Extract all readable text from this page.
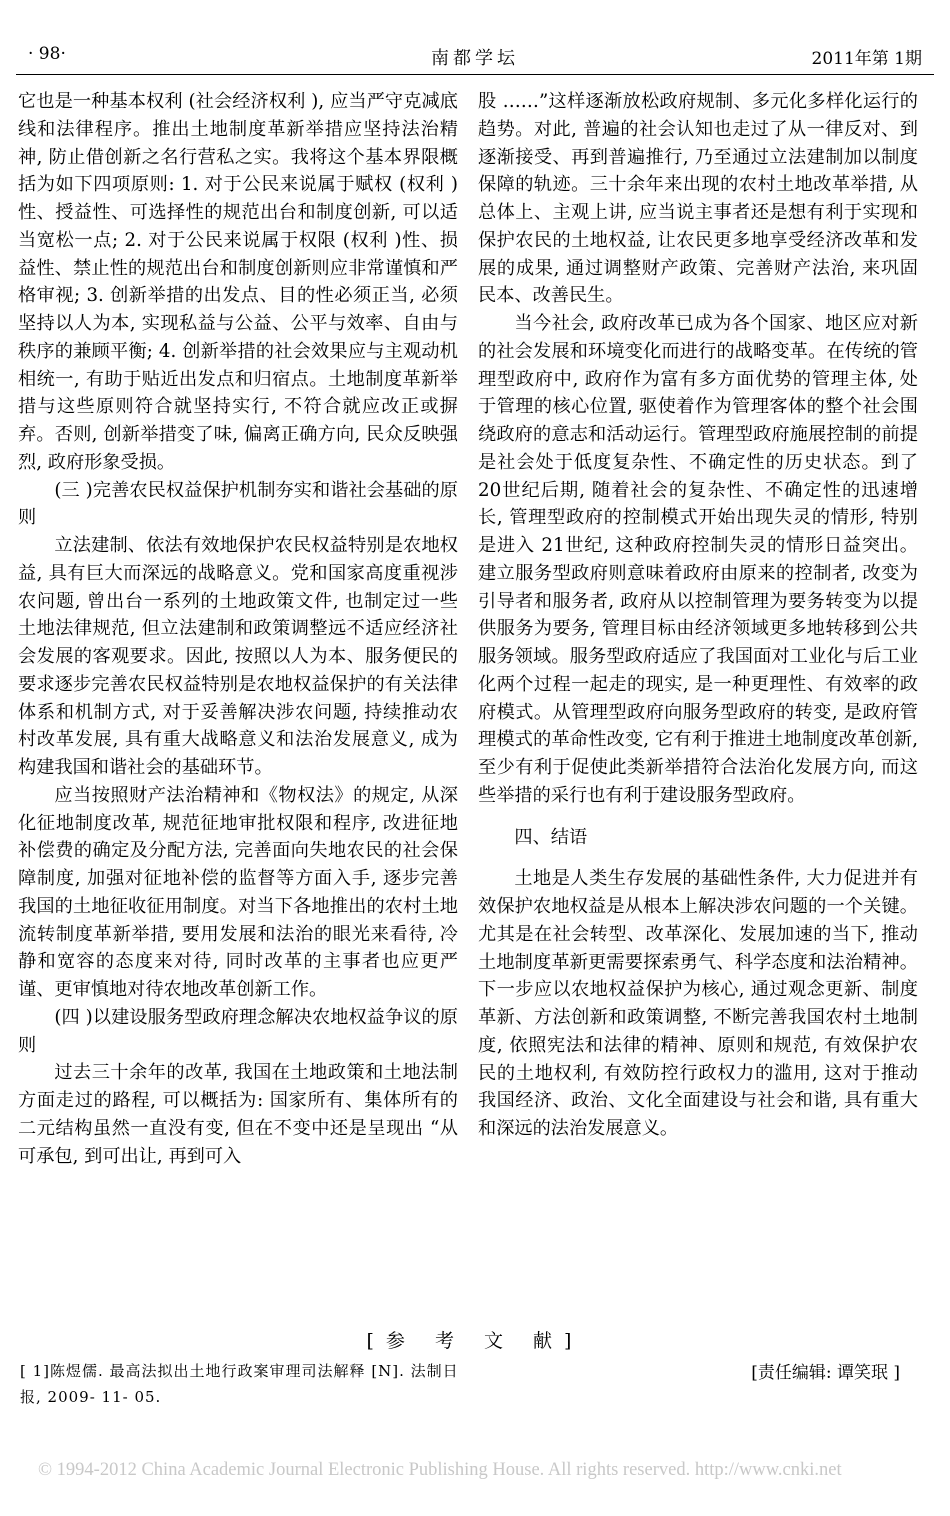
· 98·	南都学坛	2011年第 1期

它也是一种基本权利 (社会经济权利 ), 应当严守克减底线和法律程序。推出土地制度革新举措应坚持法治精神, 防止借创新之名行营私之实。我将这个基本界限概括为如下四项原则: 1. 对于公民来说属于赋权 (权利 ) 性、授益性、可选择性的规范出台和制度创新, 可以适当宽松一点; 2. 对于公民来说属于权限 (权利 )性、损益性、禁止性的规范出台和制度创新则应非常谨慎和严格审视; 3. 创新举措的出发点、目的性必须正当, 必须坚持以人为本, 实现私益与公益、公平与效率、自由与秩序的兼顾平衡; 4. 创新举措的社会效果应与主观动机相统一, 有助于贴近出发点和归宿点。土地制度革新举措与这些原则符合就坚持实行, 不符合就应改正或摒弃。否则, 创新举措变了味, 偏离正确方向, 民众反映强烈, 政府形象受损。

(三 )完善农民权益保护机制夯实和谐社会基础的原则

立法建制、依法有效地保护农民权益特别是农地权益, 具有巨大而深远的战略意义。党和国家高度重视涉农问题, 曾出台一系列的土地政策文件, 也制定过一些土地法律规范, 但立法建制和政策调整远不适应经济社会发展的客观要求。因此, 按照以人为本、服务便民的要求逐步完善农民权益特别是农地权益保护的有关法律体系和机制方式, 对于妥善解决涉农问题, 持续推动农村改革发展, 具有重大战略意义和法治发展意义, 成为构建我国和谐社会的基础环节。

应当按照财产法治精神和《物权法》的规定, 从深化征地制度改革, 规范征地审批权限和程序, 改进征地补偿费的确定及分配方法, 完善面向失地农民的社会保障制度, 加强对征地补偿的监督等方面入手, 逐步完善我国的土地征收征用制度。对当下各地推出的农村土地流转制度革新举措, 要用发展和法治的眼光来看待, 冷静和宽容的态度来对待, 同时改革的主事者也应更严谨、更审慎地对待农地改革创新工作。

(四 )以建设服务型政府理念解决农地权益争议的原则

过去三十余年的改革, 我国在土地政策和土地法制方面走过的路程, 可以概括为: 国家所有、集体所有的二元结构虽然一直没有变, 但在不变中还是呈现出 “从可承包, 到可出让, 再到可入

股 ……”这样逐渐放松政府规制、多元化多样化运行的趋势。对此, 普遍的社会认知也走过了从一律反对、到逐渐接受、再到普遍推行, 乃至通过立法建制加以制度保障的轨迹。三十余年来出现的农村土地改革举措, 从总体上、主观上讲, 应当说主事者还是想有利于实现和保护农民的土地权益, 让农民更多地享受经济改革和发展的成果, 通过调整财产政策、完善财产法治, 来巩固民本、改善民生。

当今社会, 政府改革已成为各个国家、地区应对新的社会发展和环境变化而进行的战略变革。在传统的管理型政府中, 政府作为富有多方面优势的管理主体, 处于管理的核心位置, 驱使着作为管理客体的整个社会围绕政府的意志和活动运行。管理型政府施展控制的前提是社会处于低度复杂性、不确定性的历史状态。到了 20世纪后期, 随着社会的复杂性、不确定性的迅速增长, 管理型政府的控制模式开始出现失灵的情形, 特别是进入 21世纪, 这种政府控制失灵的情形日益突出。建立服务型政府则意味着政府由原来的控制者, 改变为引导者和服务者, 政府从以控制管理为要务转变为以提供服务为要务, 管理目标由经济领域更多地转移到公共服务领域。服务型政府适应了我国面对工业化与后工业化两个过程一起走的现实, 是一种更理性、有效率的政府模式。从管理型政府向服务型政府的转变, 是政府管理模式的革命性改变, 它有利于推进土地制度改革创新, 至少有利于促使此类新举措符合法治化发展方向, 而这些举措的采行也有利于建设服务型政府。

四、结语

土地是人类生存发展的基础性条件, 大力促进并有效保护农地权益是从根本上解决涉农问题的一个关键。尤其是在社会转型、改革深化、发展加速的当下, 推动土地制度革新更需要探索勇气、科学态度和法治精神。下一步应以农地权益保护为核心, 通过观念更新、制度革新、方法创新和政策调整, 不断完善我国农村土地制度, 依照宪法和法律的精神、原则和规范, 有效保护农民的土地权利, 有效防控行政权力的滥用, 这对于推动我国经济、政治、文化全面建设与社会和谐, 具有重大和深远的法治发展意义。

[参 考 文 献]
[ 1]陈煜儒. 最高法拟出土地行政案审理司法解释 [N]. 法制日报, 2009- 11- 05.
[责任编辑: 谭笑珉 ]
© 1994-2012 China Academic Journal Electronic Publishing House. All rights reserved. http://www.cnki.net
